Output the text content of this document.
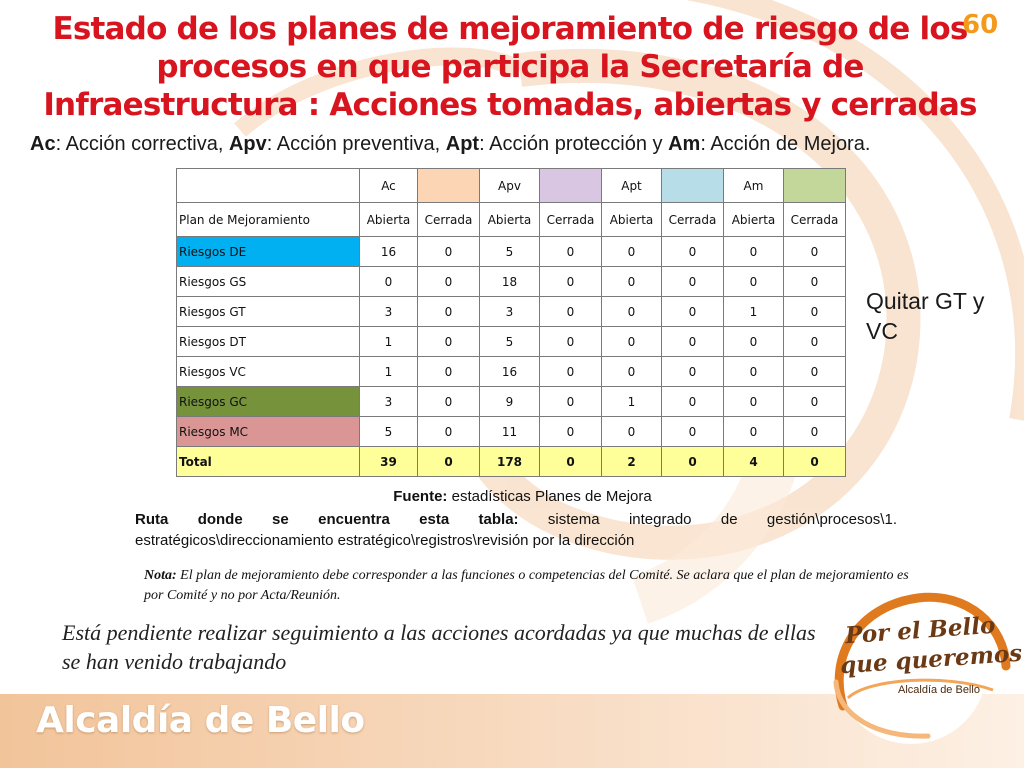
Estado de los planes de mejoramiento de riesgo de los procesos en que participa la Secretaría de Infraestructura : Acciones tomadas, abiertas y cerradas
60
Ac: Acción correctiva, Apv: Acción preventiva, Apt: Acción protección y Am: Acción de Mejora.
	Ac		Apv		Apt		Am	
Plan de Mejoramiento	Abierta	Cerrada	Abierta	Cerrada	Abierta	Cerrada	Abierta	Cerrada
Riesgos DE	16	0	5	0	0	0	0	0
Riesgos GS	0	0	18	0	0	0	0	0
Riesgos GT	3	0	3	0	0	0	1	0
Riesgos DT	1	0	5	0	0	0	0	0
Riesgos VC	1	0	16	0	0	0	0	0
Riesgos GC	3	0	9	0	1	0	0	0
Riesgos MC	5	0	11	0	0	0	0	0
Total	39	0	178	0	2	0	4	0
Quitar GT y
VC
Fuente: estadísticas Planes de Mejora
Ruta donde se encuentra esta tabla: sistema integrado de gestión\procesos\1.
estratégicos\direccionamiento estratégico\registros\revisión por la dirección
Nota: El plan de mejoramiento debe corresponder a las funciones o competencias del Comité. Se aclara que el plan de mejoramiento es por Comité y no por Acta/Reunión.
Está pendiente realizar seguimiento a las acciones acordadas ya que muchas de ellas se han venido trabajando
Alcaldía de Bello
Por el Bello
que queremos
Alcaldía de Bello
